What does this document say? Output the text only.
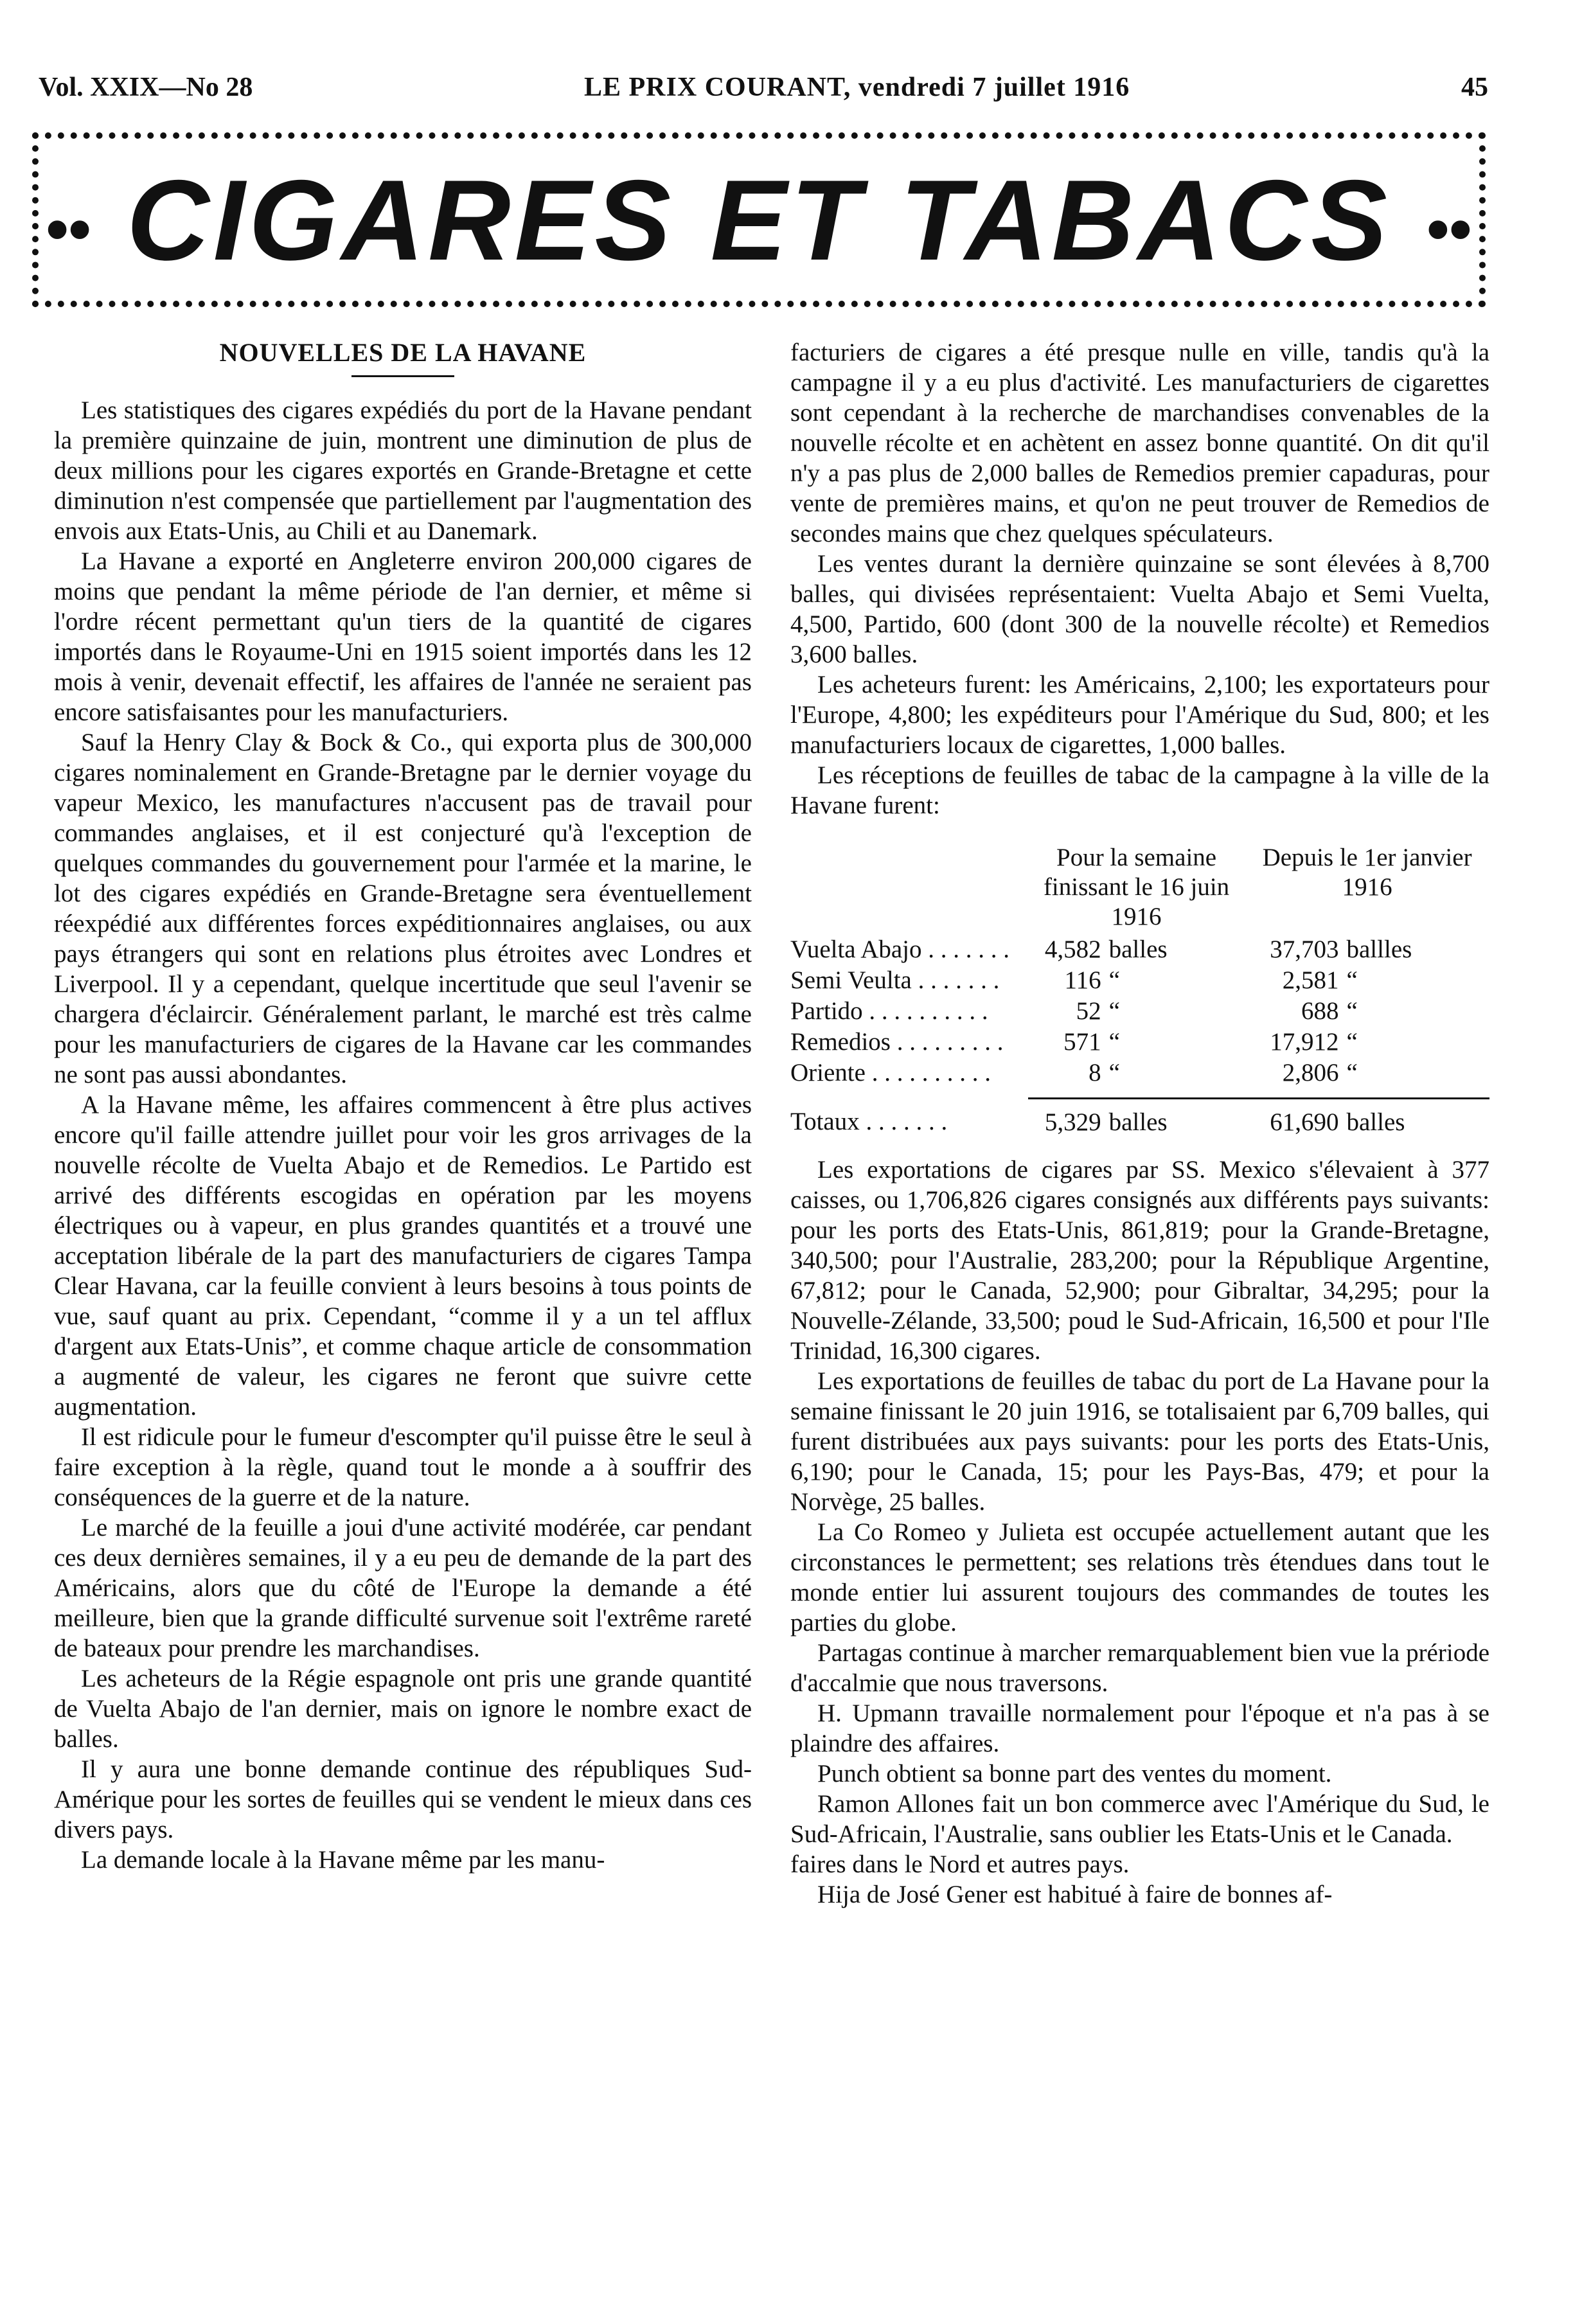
Vol. XXIX—No 28	LE PRIX COURANT, vendredi 7 juillet 1916	45
•• CIGARES ET TABACS ••
NOUVELLES DE LA HAVANE

Les statistiques des cigares expédiés du port de la Havane pendant la première quinzaine de juin, montrent une diminution de plus de deux millions pour les cigares exportés en Grande-Bretagne et cette diminution n'est compensée que partiellement par l'augmentation des envois aux Etats-Unis, au Chili et au Danemark.

La Havane a exporté en Angleterre environ 200,000 cigares de moins que pendant la même période de l'an dernier, et même si l'ordre récent permettant qu'un tiers de la quantité de cigares importés dans le Royaume-Uni en 1915 soient importés dans les 12 mois à venir, devenait effectif, les affaires de l'année ne seraient pas encore satisfaisantes pour les manufacturiers.

Sauf la Henry Clay & Bock & Co., qui exporta plus de 300,000 cigares nominalement en Grande-Bretagne par le dernier voyage du vapeur Mexico, les manufactures n'accusent pas de travail pour commandes anglaises, et il est conjecturé qu'à l'exception de quelques commandes du gouvernement pour l'armée et la marine, le lot des cigares expédiés en Grande-Bretagne sera éventuellement réexpédié aux différentes forces expéditionnaires anglaises, ou aux pays étrangers qui sont en relations plus étroites avec Londres et Liverpool. Il y a cependant, quelque incertitude que seul l'avenir se chargera d'éclaircir. Généralement parlant, le marché est très calme pour les manufacturiers de cigares de la Havane car les commandes ne sont pas aussi abondantes.

A la Havane même, les affaires commencent à être plus actives encore qu'il faille attendre juillet pour voir les gros arrivages de la nouvelle récolte de Vuelta Abajo et de Remedios. Le Partido est arrivé des différents escogidas en opération par les moyens électriques ou à vapeur, en plus grandes quantités et a trouvé une acceptation libérale de la part des manufacturiers de cigares Tampa Clear Havana, car la feuille convient à leurs besoins à tous points de vue, sauf quant au prix. Cependant, “comme il y a un tel afflux d'argent aux Etats-Unis”, et comme chaque article de consommation a augmenté de valeur, les cigares ne feront que suivre cette augmentation.

Il est ridicule pour le fumeur d'escompter qu'il puisse être le seul à faire exception à la règle, quand tout le monde a à souffrir des conséquences de la guerre et de la nature.

Le marché de la feuille a joui d'une activité modérée, car pendant ces deux dernières semaines, il y a eu peu de demande de la part des Américains, alors que du côté de l'Europe la demande a été meilleure, bien que la grande difficulté survenue soit l'extrême rareté de bateaux pour prendre les marchandises.

Les acheteurs de la Régie espagnole ont pris une grande quantité de Vuelta Abajo de l'an dernier, mais on ignore le nombre exact de balles.

Il y aura une bonne demande continue des républiques Sud-Amérique pour les sortes de feuilles qui se vendent le mieux dans ces divers pays.

La demande locale à la Havane même par les manu-

facturiers de cigares a été presque nulle en ville, tandis qu'à la campagne il y a eu plus d'activité. Les manufacturiers de cigarettes sont cependant à la recherche de marchandises convenables de la nouvelle récolte et en achètent en assez bonne quantité. On dit qu'il n'y a pas plus de 2,000 balles de Remedios premier capaduras, pour vente de premières mains, et qu'on ne peut trouver de Remedios de secondes mains que chez quelques spéculateurs.

Les ventes durant la dernière quinzaine se sont élevées à 8,700 balles, qui divisées représentaient: Vuelta Abajo et Semi Vuelta, 4,500, Partido, 600 (dont 300 de la nouvelle récolte) et Remedios 3,600 balles.

Les acheteurs furent: les Américains, 2,100; les exportateurs pour l'Europe, 4,800; les expéditeurs pour l'Amérique du Sud, 800; et les manufacturiers locaux de cigarettes, 1,000 balles.

Les réceptions de feuilles de tabac de la campagne à la ville de la Havane furent:

	Pour la semaine finissant le 16 juin 1916		Depuis le 1er janvier 1916	
Vuelta Abajo . . . . . . .	4,582	balles	37,703	ballles
Semi Veulta . . . . . . .	116	“	2,581	“
Partido . . . . . . . . . .	52	“	688	“
Remedios . . . . . . . . .	571	“	17,912	“
Oriente . . . . . . . . . .	8	“	2,806	“

Totaux . . . . . . .	5,329	balles	61,690	balles

Les exportations de cigares par SS. Mexico s'élevaient à 377 caisses, ou 1,706,826 cigares consignés aux différents pays suivants: pour les ports des Etats-Unis, 861,819; pour la Grande-Bretagne, 340,500; pour l'Australie, 283,200; pour la République Argentine, 67,812; pour le Canada, 52,900; pour Gibraltar, 34,295; pour la Nouvelle-Zélande, 33,500; poud le Sud-Africain, 16,500 et pour l'Ile Trinidad, 16,300 cigares.

Les exportations de feuilles de tabac du port de La Havane pour la semaine finissant le 20 juin 1916, se totalisaient par 6,709 balles, qui furent distribuées aux pays suivants: pour les ports des Etats-Unis, 6,190; pour le Canada, 15; pour les Pays-Bas, 479; et pour la Norvège, 25 balles.

La Co Romeo y Julieta est occupée actuellement autant que les circonstances le permettent; ses relations très étendues dans tout le monde entier lui assurent toujours des commandes de toutes les parties du globe.

Partagas continue à marcher remarquablement bien vue la prériode d'accalmie que nous traversons.

H. Upmann travaille normalement pour l'époque et n'a pas à se plaindre des affaires.

Punch obtient sa bonne part des ventes du moment.

Ramon Allones fait un bon commerce avec l'Amérique du Sud, le Sud-Africain, l'Australie, sans oublier les Etats-Unis et le Canada.

faires dans le Nord et autres pays.

Hija de José Gener est habitué à faire de bonnes af-
